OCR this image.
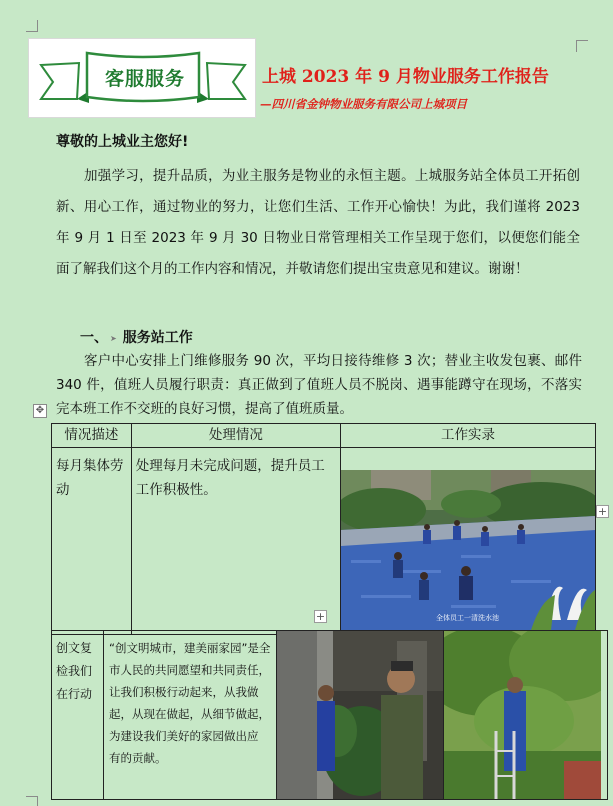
客服服务	上城 2023 年 9 月物业服务工作报告
—四川省金钟物业服务有限公司上城项目
尊敬的上城业主您好!
加强学习，提升品质，为业主服务是物业的永恒主题。上城服务站全体员工开拓创新、用心工作，通过物业的努力，让您们生活、工作开心愉快！为此，我们谨将 2023 年 9 月 1 日至 2023 年 9 月 30 日物业日常管理相关工作呈现于您们，以便您们能全面了解我们这个月的工作内容和情况，并敬请您们提出宝贵意见和建议。谢谢！
一、 ➤ 服务站工作
客户中心安排上门维修服务 90 次，平均日接待维修 3 次；替业主收发包裹、邮件 340 件，值班人员履行职责：真正做到了值班人员不脱岗、遇事能蹲守在现场，不落实完本班工作不交班的良好习惯，提高了值班质量。
✥
+
+
情况描述	处理情况	工作实录
每月集体劳动	处理每月未完成问题，提升员工工作积极性。	全体员工一清洗水池
创文复检我们在行动	“创文明城市，建美丽家园”是全市人民的共同愿望和共同责任，让我们积极行动起来，从我做起，从现在做起，从细节做起，为建设我们美好的家园做出应 有的贡献。	
